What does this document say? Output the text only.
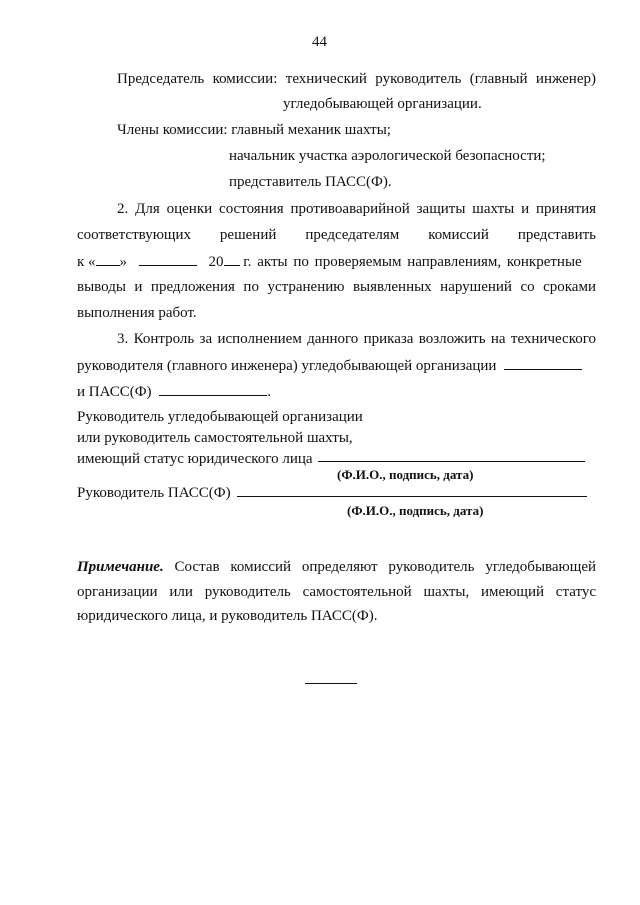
44
Председатель комиссии: технический руководитель (главный инженер)
угледобывающей организации.
Члены комиссии: главный механик шахты;
начальник участка аэрологической безопасности;
представитель ПАСС(Ф).
2. Для оценки состояния противоаварийной защиты шахты и принятия
соответствующих решений председателям комиссий представить
к « »	20 г. акты по проверяемым направлениям, конкретные
выводы и предложения по устранению выявленных нарушений со сроками
выполнения работ.
3. Контроль за исполнением данного приказа возложить на технического
руководителя (главного инженера) угледобывающей организации
и ПАСС(Ф)	.
Руководитель угледобывающей организации
или руководитель самостоятельной шахты,
имеющий статус юридического лица
(Ф.И.О., подпись, дата)
Руководитель ПАСС(Ф)
(Ф.И.О., подпись, дата)
Примечание. Состав комиссий определяют руководитель угледобывающей
организации или руководитель самостоятельной шахты, имеющий статус
юридического лица, и руководитель ПАСС(Ф).
